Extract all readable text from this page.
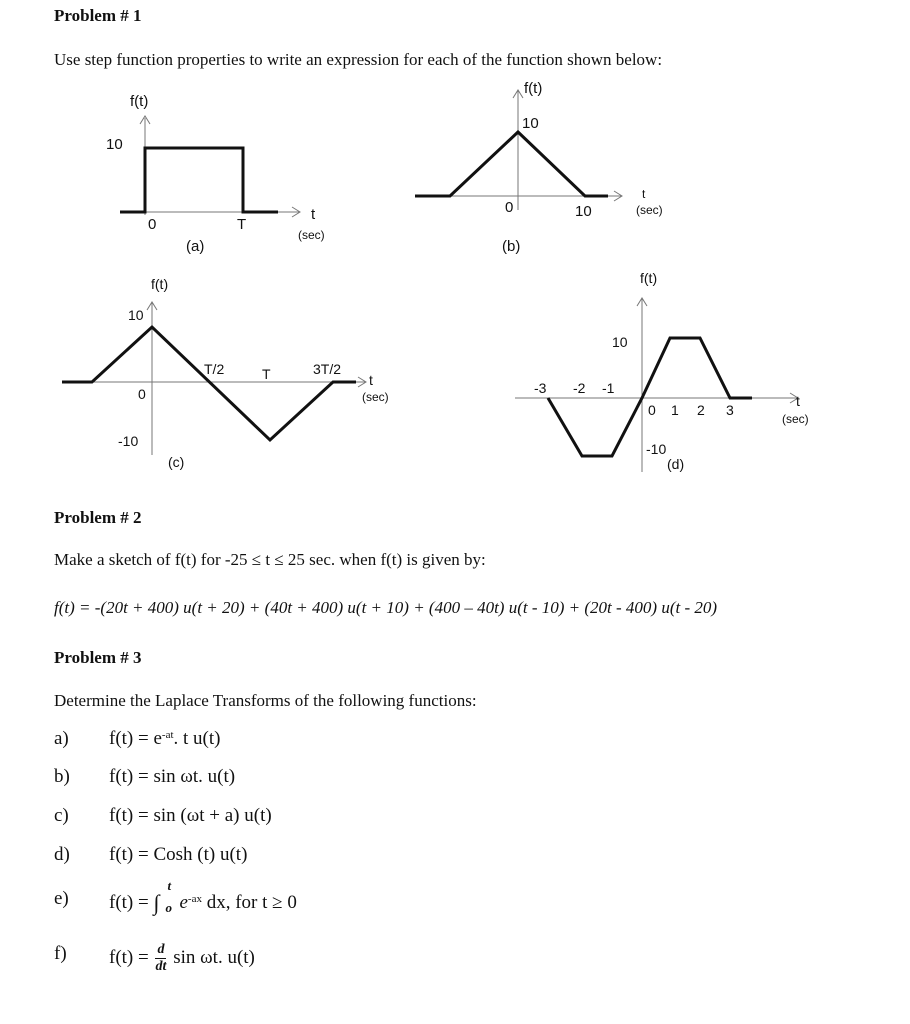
Problem # 1
Use step function properties to write an expression for each of the function shown below:
f(t)
10
0	T
t
(sec)
(a)
f(t)
10
0	10
t
(sec)
(b)
f(t)
10
0
-10
T/2	T	3T/2
t
(sec)
(c)
f(t)
10
-3 -2 -1
0 1 2 3
t
(sec)
-10
(d)
Problem # 2
Make a sketch of f(t) for -25 ≤ t ≤ 25 sec. when f(t) is given by:
f(t) = -(20t + 400) u(t + 20) + (40t + 400) u(t + 10) + (400 – 40t) u(t - 10) + (20t - 400) u(t - 20)
Problem # 3
Determine the Laplace Transforms of the following functions:
a) $f(t) = e^{-at}$. t u(t)
b) f(t) = sin ωt. u(t)
c) f(t) = sin (ωt + a) u(t)
d) f(t) = Cosh (t) u(t)
e) f(t) = ∫
t
o $e^{-ax}$ dx, for t ≥ 0
f) $f(t) = \frac{d}{dt}$ sin ωt. u(t)
